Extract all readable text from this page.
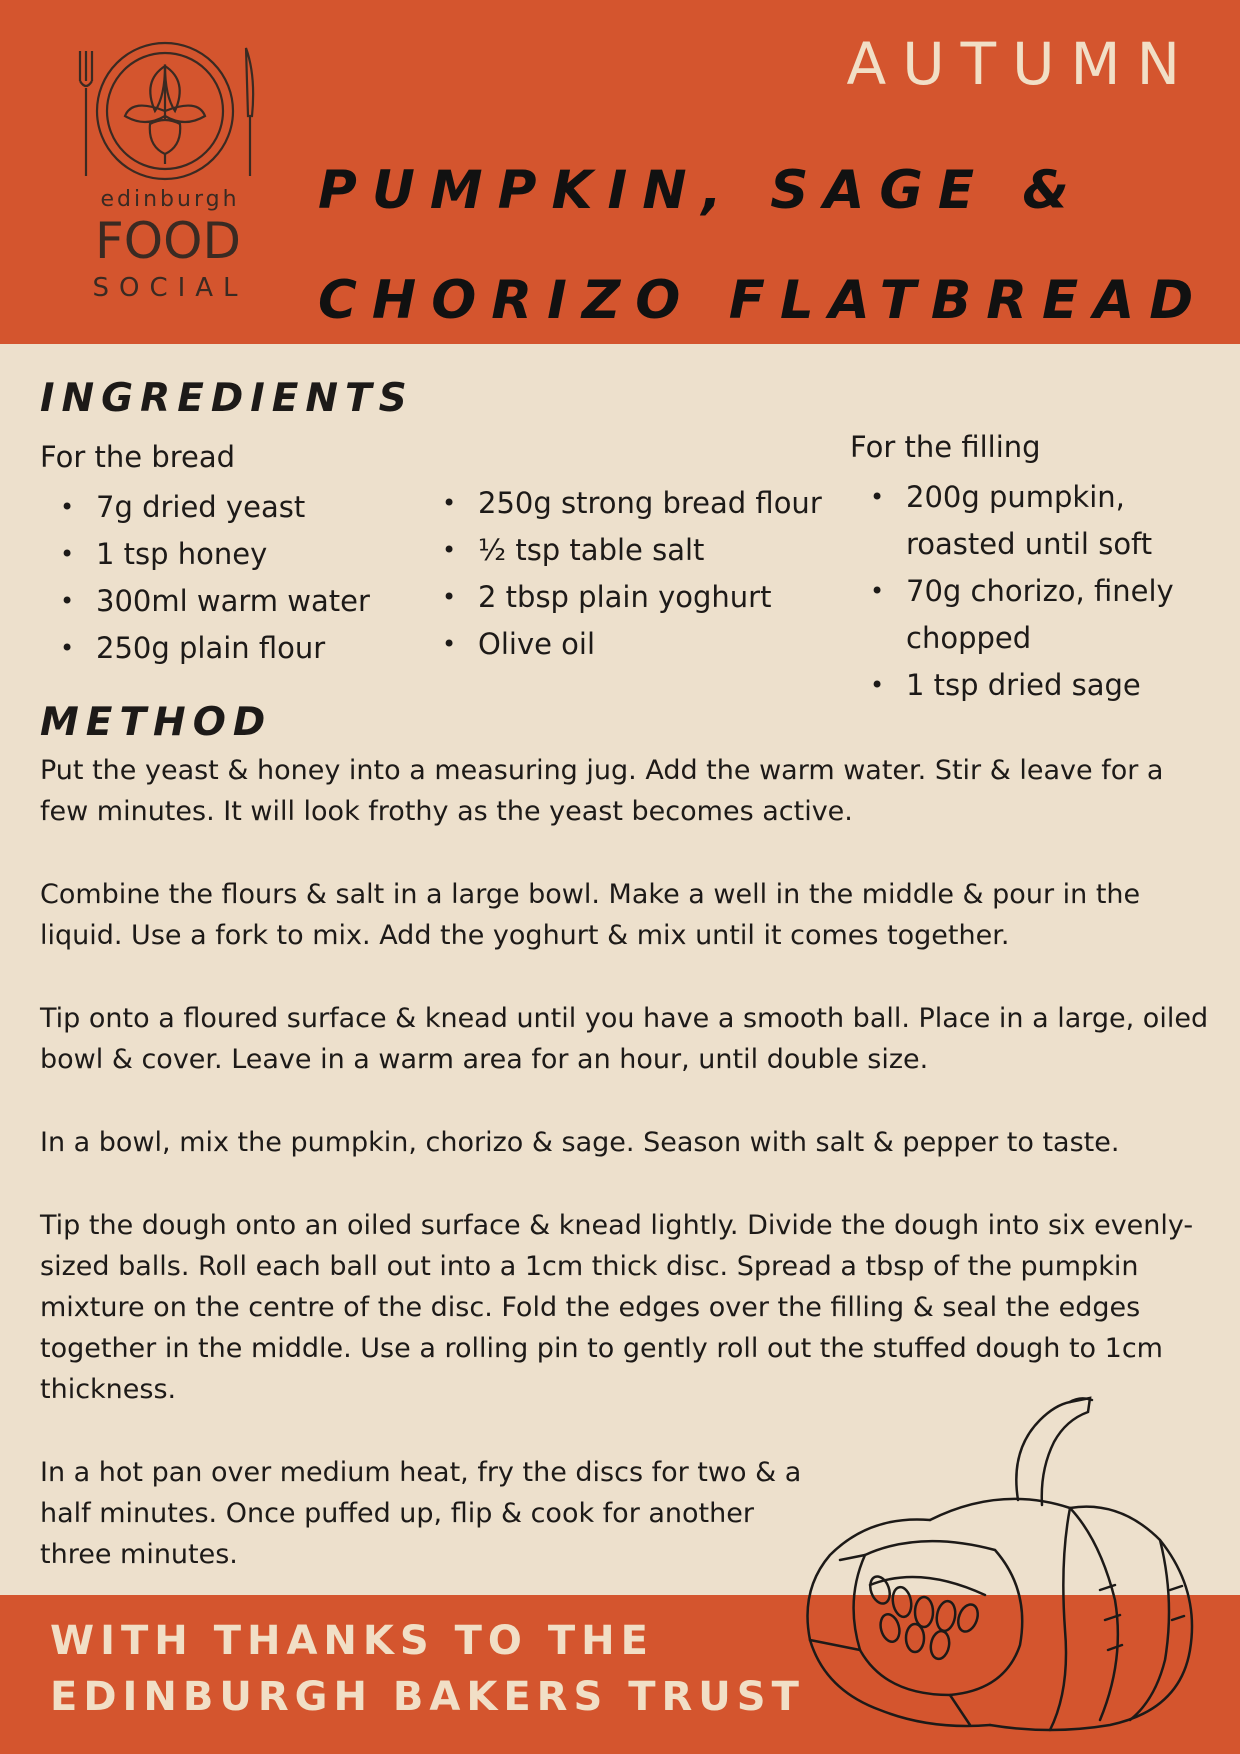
edinburgh
FOOD
SOCIAL
AUTUMN
PUMPKIN, SAGE &
CHORIZO FLATBREAD
INGREDIENTS

For the bread

• 7g dried yeast
• 1 tsp honey
• 300ml warm water
• 250g plain flour
• 250g strong bread flour
• ½ tsp table salt
• 2 tbsp plain yoghurt
• Olive oil

For the filling

• 200g pumpkin, roasted until soft
• 70g chorizo, finely chopped
• 1 tsp dried sage
METHOD

Put the yeast & honey into a measuring jug. Add the warm water. Stir & leave for a few minutes. It will look frothy as the yeast becomes active.

Combine the flours & salt in a large bowl. Make a well in the middle & pour in the liquid. Use a fork to mix. Add the yoghurt & mix until it comes together.

Tip onto a floured surface & knead until you have a smooth ball. Place in a large, oiled bowl & cover. Leave in a warm area for an hour, until double size.

In a bowl, mix the pumpkin, chorizo & sage. Season with salt & pepper to taste.

Tip the dough onto an oiled surface & knead lightly. Divide the dough into six evenly-sized balls. Roll each ball out into a 1cm thick disc. Spread a tbsp of the pumpkin mixture on the centre of the disc. Fold the edges over the filling & seal the edges together in the middle. Use a rolling pin to gently roll out the stuffed dough to 1cm thickness.

In a hot pan over medium heat, fry the discs for two & a half minutes. Once puffed up, flip & cook for another three minutes.

WITH THANKS TO THE
EDINBURGH BAKERS TRUST
